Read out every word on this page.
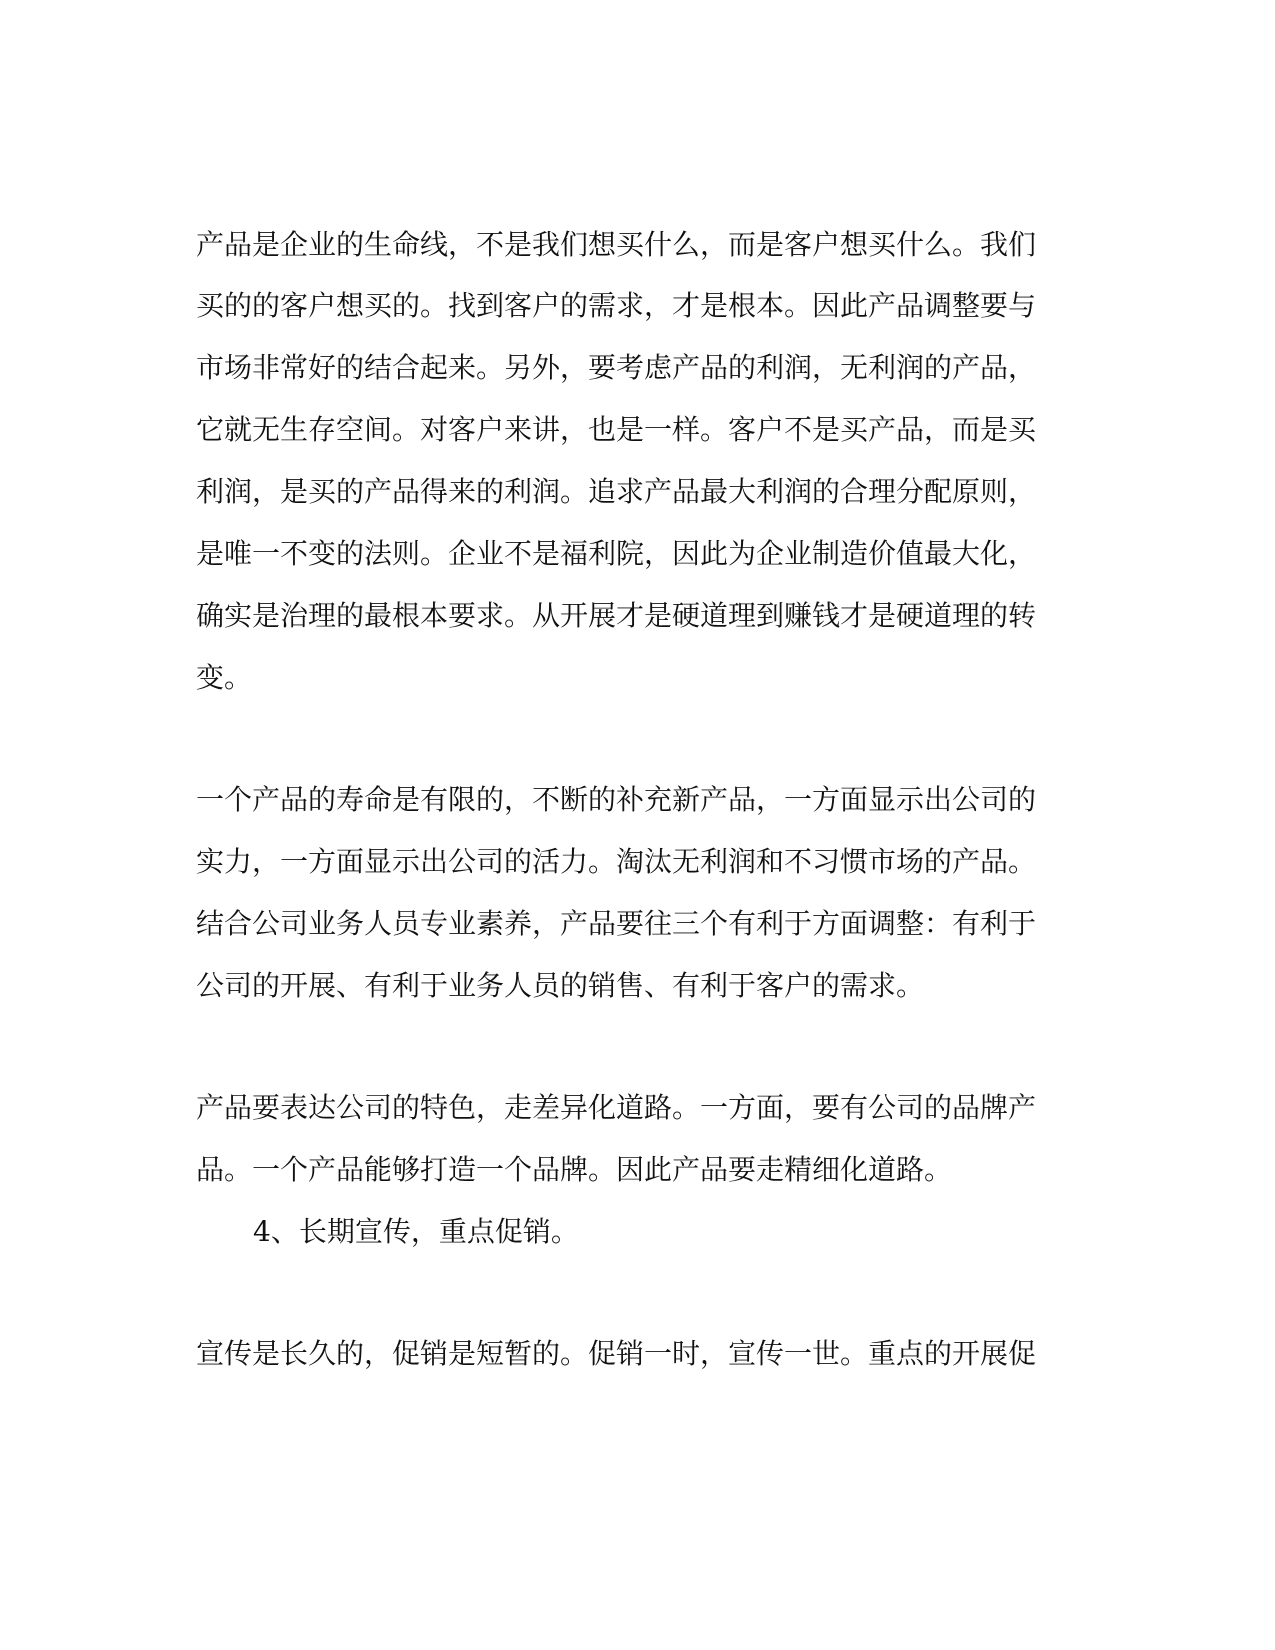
产品是企业的生命线，不是我们想买什么，而是客户想买什么。我们
买的的客户想买的。找到客户的需求，才是根本。因此产品调整要与
市场非常好的结合起来。另外，要考虑产品的利润，无利润的产品，
它就无生存空间。对客户来讲，也是一样。客户不是买产品，而是买
利润，是买的产品得来的利润。追求产品最大利润的合理分配原则，
是唯一不变的法则。企业不是福利院，因此为企业制造价值最大化，
确实是治理的最根本要求。从开展才是硬道理到赚钱才是硬道理的转
变。
一个产品的寿命是有限的，不断的补充新产品，一方面显示出公司的
实力，一方面显示出公司的活力。淘汰无利润和不习惯市场的产品。
结合公司业务人员专业素养，产品要往三个有利于方面调整：有利于
公司的开展、有利于业务人员的销售、有利于客户的需求。
产品要表达公司的特色，走差异化道路。一方面，要有公司的品牌产
品。一个产品能够打造一个品牌。因此产品要走精细化道路。
4、长期宣传，重点促销。
宣传是长久的，促销是短暂的。促销一时，宣传一世。重点的开展促
